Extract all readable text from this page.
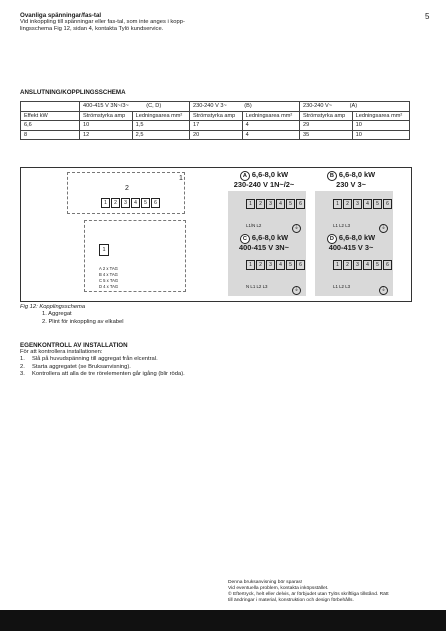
5
Ovanliga spänningar/fas-tal
Vid inkoppling till spänningar eller fas-tal, som inte anges i kopp-
lingsschema Fig 12, sidan 4, kontakta Tylö kundservice.
ANSLUTNING/KOPPLINGSSCHEMA
	400-415 V 3N~/3~ (C, D)		230-240 V 3~ (B)		230-240 V~ (A)	
Effekt kW	Strömstyrka amp	Ledningsarea mm²	Strömstyrka amp	Ledningsarea mm²	Strömstyrka amp	Ledningsarea mm²
6,6	10	1,5	17	4	29	10
8	12	2,5	20	4	35	10
1
2
1	2	3	4	5	6
1
A 2 x TAG
B 4 x TAG
C 5 x TAG
D 4 x TAG
A 6,6-8,0 kW
230-240 V 1N~/2~
1	2	3	4	5	6
L1/N L2	⏚
B 6,6-8,0 kW
230 V 3~
1	2	3	4	5	6
L1 L2 L3	⏚
C 6,6-8,0 kW
400-415 V 3N~
1	2	3	4	5	6
N L1 L2 L3
⏚
D 6,6-8,0 kW
400-415 V 3~
1	2	3	4	5	6
L1 L2 L3
⏚
Fig 12: Kopplingsschema
1. Aggregat
2. Plint för inkoppling av elkabel
EGENKONTROLL AV INSTALLATION
För att kontrollera installationen:
1. Slå på huvudspänning till aggregat från elcentral.
2. Starta aggregatet (se Bruksanvisning).
3. Kontrollera att alla de tre rörelementen går igång (blir röda).
Denna bruksanvisning bör sparas!
Vid eventuella problem, kontakta inköpsstället.
© Eftertryck, helt eller delvis, är förbjudet utan Tylös skriftliga tillstånd. Rätt
till ändringar i material, konstruktion och design förbehålls.
